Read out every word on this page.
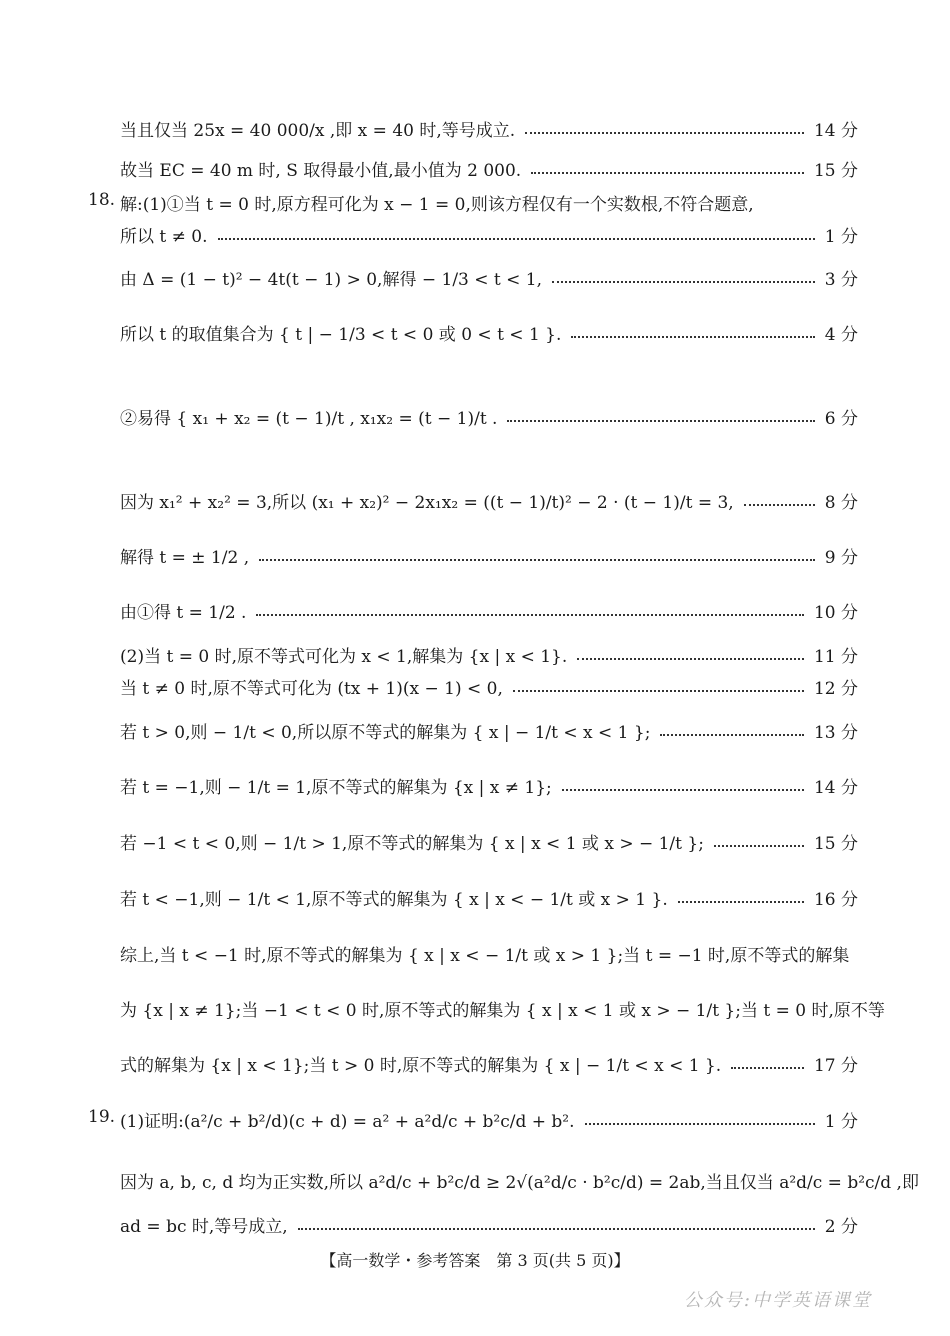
当且仅当 25x = 40 000/x ,即 x = 40 时,等号成立.	14 分
故当 EC = 40 m 时, S 取得最小值,最小值为 2 000.	15 分
18. 解:(1)①当 t = 0 时,原方程可化为 x − 1 = 0,则该方程仅有一个实数根,不符合题意,
所以 t ≠ 0.	1 分
由 Δ = (1 − t)² − 4t(t − 1) > 0,解得 − 1/3 < t < 1,	3 分
所以 t 的取值集合为 { t | − 1/3 < t < 0 或 0 < t < 1 }.	4 分
②易得 { x₁ + x₂ = (t − 1)/t , x₁x₂ = (t − 1)/t .	6 分
因为 x₁² + x₂² = 3,所以 (x₁ + x₂)² − 2x₁x₂ = ((t − 1)/t)² − 2 · (t − 1)/t = 3,	8 分
解得 t = ± 1/2 ,	9 分
由①得 t = 1/2 .	10 分
(2)当 t = 0 时,原不等式可化为 x < 1,解集为 {x | x < 1}.	11 分
当 t ≠ 0 时,原不等式可化为 (tx + 1)(x − 1) < 0,	12 分
若 t > 0,则 − 1/t < 0,所以原不等式的解集为 { x | − 1/t < x < 1 };	13 分
若 t = −1,则 − 1/t = 1,原不等式的解集为 {x | x ≠ 1};	14 分
若 −1 < t < 0,则 − 1/t > 1,原不等式的解集为 { x | x < 1 或 x > − 1/t };	15 分
若 t < −1,则 − 1/t < 1,原不等式的解集为 { x | x < − 1/t 或 x > 1 }.	16 分
综上,当 t < −1 时,原不等式的解集为 { x | x < − 1/t 或 x > 1 };当 t = −1 时,原不等式的解集
为 {x | x ≠ 1};当 −1 < t < 0 时,原不等式的解集为 { x | x < 1 或 x > − 1/t };当 t = 0 时,原不等
式的解集为 {x | x < 1};当 t > 0 时,原不等式的解集为 { x | − 1/t < x < 1 }.	17 分
19. (1)证明:(a²/c + b²/d)(c + d) = a² + a²d/c + b²c/d + b².	1 分
因为 a, b, c, d 均为正实数,所以 a²d/c + b²c/d ≥ 2√(a²d/c · b²c/d) = 2ab,当且仅当 a²d/c = b²c/d ,即
ad = bc 时,等号成立,	2 分
【高一数学・参考答案　第 3 页(共 5 页)】
公众号:中学英语课堂
